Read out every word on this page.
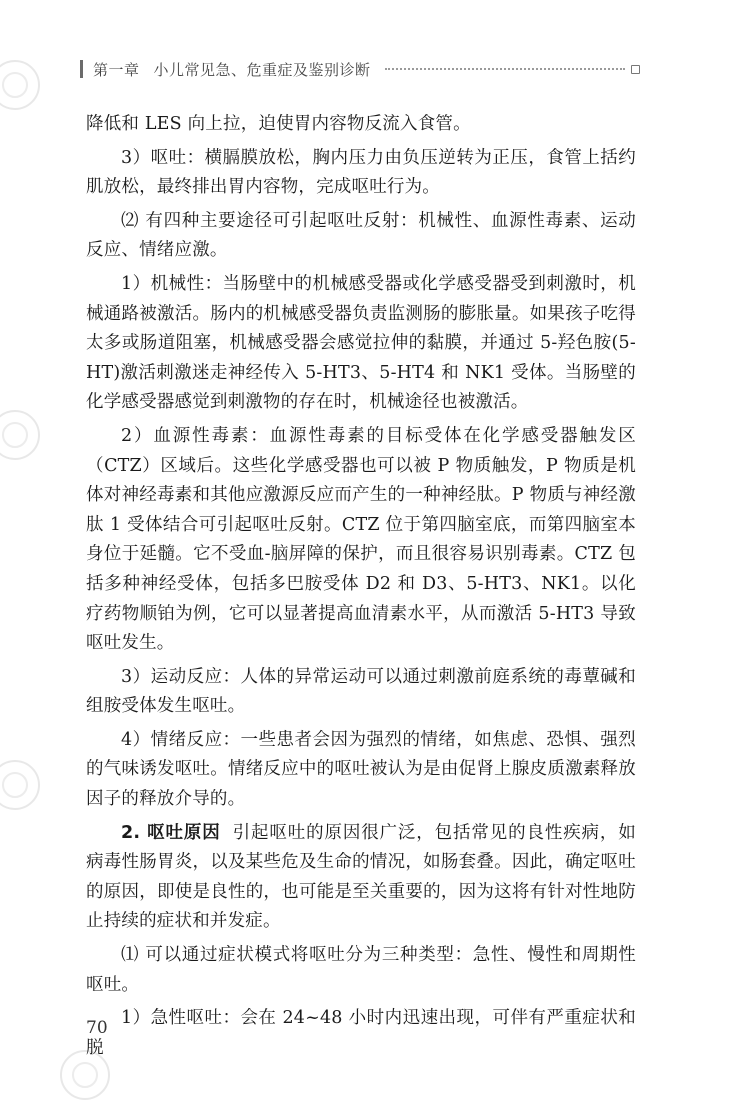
第一章 小儿常见急、危重症及鉴别诊断

降低和 LES 向上拉，迫使胃内容物反流入食管。

3）呕吐：横膈膜放松，胸内压力由负压逆转为正压，食管上括约肌放松，最终排出胃内容物，完成呕吐行为。

⑵ 有四种主要途径可引起呕吐反射：机械性、血源性毒素、运动反应、情绪应激。

1）机械性：当肠壁中的机械感受器或化学感受器受到刺激时，机械通路被激活。肠内的机械感受器负责监测肠的膨胀量。如果孩子吃得太多或肠道阻塞，机械感受器会感觉拉伸的黏膜，并通过 5-羟色胺(5-HT)激活刺激迷走神经传入 5-HT3、5-HT4 和 NK1 受体。当肠壁的化学感受器感觉到刺激物的存在时，机械途径也被激活。

2）血源性毒素：血源性毒素的目标受体在化学感受器触发区（CTZ）区域后。这些化学感受器也可以被 P 物质触发，P 物质是机体对神经毒素和其他应激源反应而产生的一种神经肽。P 物质与神经激肽 1 受体结合可引起呕吐反射。CTZ 位于第四脑室底，而第四脑室本身位于延髓。它不受血-脑屏障的保护，而且很容易识别毒素。CTZ 包括多种神经受体，包括多巴胺受体 D2 和 D3、5-HT3、NK1。以化疗药物顺铂为例，它可以显著提高血清素水平，从而激活 5-HT3 导致呕吐发生。

3）运动反应：人体的异常运动可以通过刺激前庭系统的毒蕈碱和组胺受体发生呕吐。

4）情绪反应：一些患者会因为强烈的情绪，如焦虑、恐惧、强烈的气味诱发呕吐。情绪反应中的呕吐被认为是由促肾上腺皮质激素释放因子的释放介导的。

2. 呕吐原因 引起呕吐的原因很广泛，包括常见的良性疾病，如病毒性肠胃炎，以及某些危及生命的情况，如肠套叠。因此，确定呕吐的原因，即使是良性的，也可能是至关重要的，因为这将有针对性地防止持续的症状和并发症。

⑴ 可以通过症状模式将呕吐分为三种类型：急性、慢性和周期性呕吐。

1）急性呕吐：会在 24~48 小时内迅速出现，可伴有严重症状和脱

70
